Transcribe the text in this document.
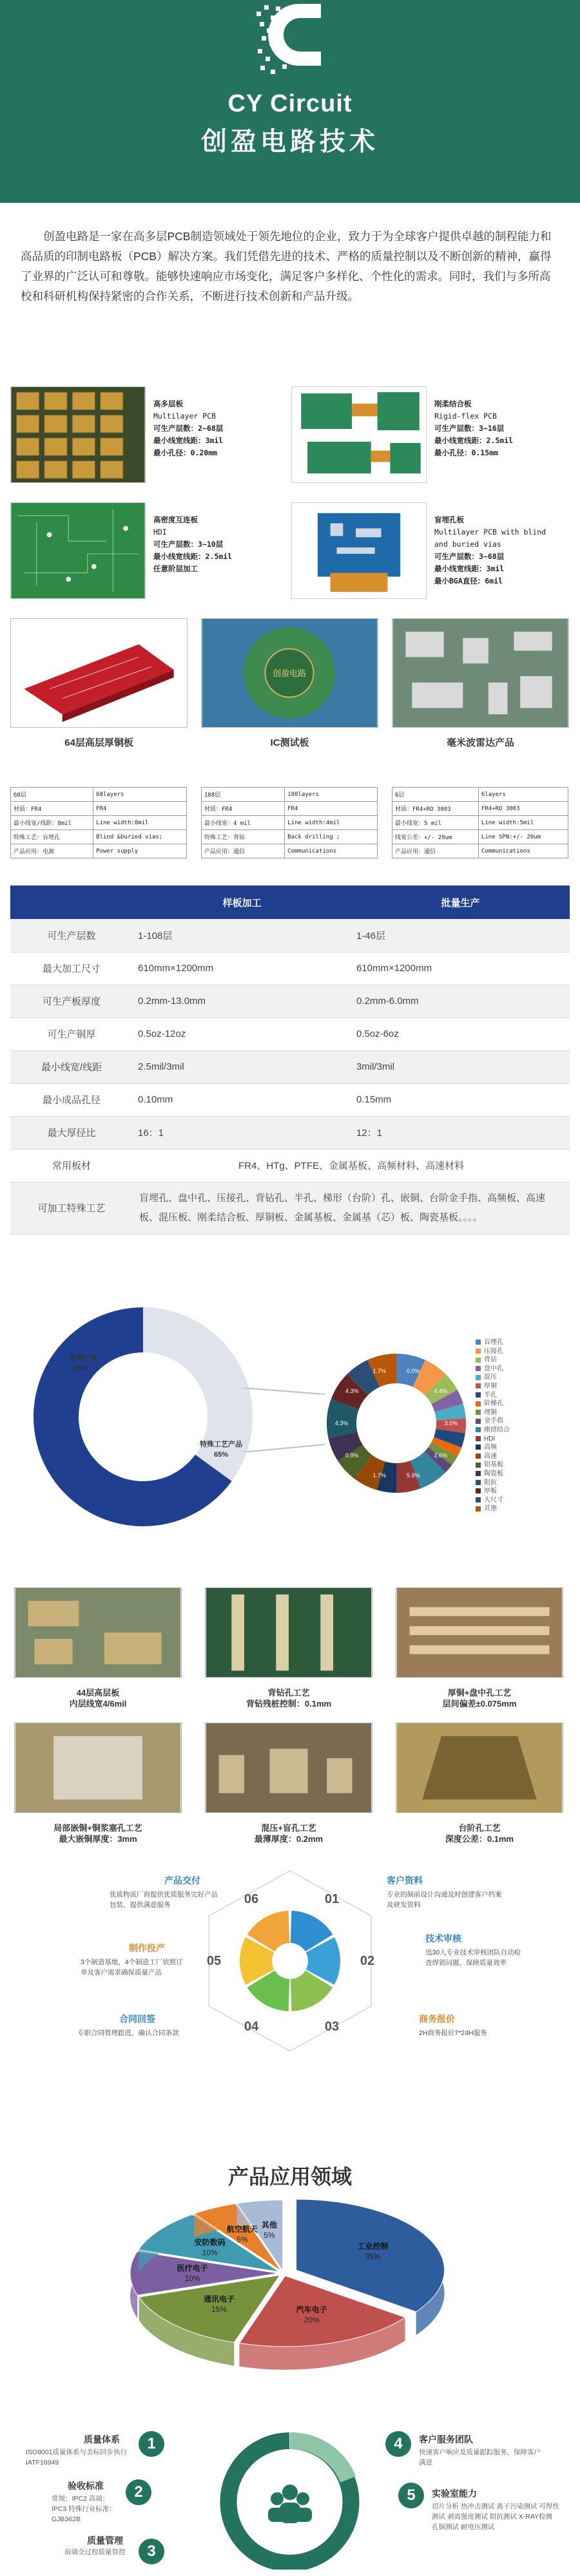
C
CY Circuit
创盈电路技术

创盈电路是一家在高多层PCB制造领域处于领先地位的企业，致力于为全球客户提供卓越的制程能力和高品质的印制电路板（PCB）解决方案。我们凭借先进的技术、严格的质量控制以及不断创新的精神，赢得了业界的广泛认可和尊敬。能够快速响应市场变化，满足客户多样化、个性化的需求。同时，我们与多所高校和科研机构保持紧密的合作关系，不断进行技术创新和产品升级。

高多层板
Multilayer PCB
可生产层数：2~68层
最小线宽线距：3mil
最小孔径：0.20mm
刚柔结合板
Rigid-flex PCB
可生产层数：3~16层
最小线宽线距：2.5mil
最小孔径：0.15mm
高密度互连板
HDI
可生产层数：3~10层
最小线宽线距：2.5mil
任意阶层加工
盲埋孔板
Multilayer PCB with blind and buried vias
可生产层数：3~68层
最小线宽线距：3mil
最小BGA直径：6mil
创盈电路
64层高层厚铜板	IC测试板	毫米波雷达产品
68层	68layers
材质：FR4	FR4
最小线宽/线距：8mil	Line width:8mil
特殊工艺：盲埋孔	Blind &buried vias;
产品应用：电源	Power supply
108层	108layers
材质：FR4	FR4
最小线宽：4 mil	Line width:4mil
特殊工艺：背钻	Back drilling ;
产品应用：通信	Communications
6层	6layers
材质：FR4+RO 3003	FR4+RO 3003
最小线宽：5 mil	Line width:5mil
线宽公差：+/- 20um	Line SPN:+/- 20um
产品应用：通信	Communications
	样板加工	批量生产
可生产层数	1-108层	1-46层
最大加工尺寸	610mm×1200mm	610mm×1200mm
可生产板厚度	0.2mm-13.0mm	0.2mm-6.0mm
可生产铜厚	0.5oz-12oz	0.5oz-6oz
最小线宽/线距	2.5mil/3mil	3mil/3mil
最小成品孔径	0.10mm	0.15mm
最大厚径比	16：1	12：1
常用板材	FR4、HTg、PTFE、金属基板、高频材料、高速材料	
可加工特殊工艺	盲埋孔、盘中孔、压接孔、背钻孔、半孔、梯形（台阶）孔、嵌铜、台阶金手指、高频板、高速板、混压板、刚柔结合板、厚铜板、金属基板、金属基（芯）板、陶瓷基板。。。。	
常规产品
35%
特殊工艺产品
65%
0.0%
4.4%
3.0%
2.6%
5.9%
1.7%
0.9%
4.3%
4.3%
1.7%
盲埋孔
压接孔
背钻
盘中孔
混压
厚铜
半孔
阶梯孔
埋铜
金手指
刚挠结合
HDI
高频
高速
铝基板
陶瓷板
阻抗
厚板
大尺寸
其他
44层高层板
内层线宽4/6mil
背钻孔工艺
背钻残桩控制：0.1mm
厚铜+盘中孔工艺
层间偏差±0.075mm
局部嵌铜+铜浆塞孔工艺
最大嵌铜厚度：3mm
混压+盲孔工艺
最薄厚度：0.2mm
台阶孔工艺
深度公差：0.1mm
06	01
02
03
04
05
产品交付
优质物流厂商提供优质服务完好产品包装，提供满意服务
客户资料
专业的制前设计沟通及时创建客户档案及研发资料
技术审核
迅30人专业技术审核团队自动检查焊锁问题，保障质量效率
商务报价
2H商务报价7*24H服务
合同回签
专职合同管理跟进，确认合同条款
制作投产
3个制造基地，4个制造工厂依照订单及客户需求确保质量产品
产品应用领域
工业控制
35%
汽车电子
20%
通讯电子
15%
医疗电子
10%
安防数码
10%
航空航天
5%
其他
5%
1
质量体系
ISO9001质量体系与美标同步执行IATF16949
2
验收标准
常规：IPC2 高端：IPC3 特殊行业标准：GJB362B
3
质量管理
前端全过程质量管控
4	客户服务团队
快速客户响应及质量跟踪服务，保障客户满意
5	实验室能力
切片分析 热冲击测试 离子污染测试 可焊性测试 剥离强度测试 阻抗测试 X-RAY检测 孔铜测试 耐电压测试
